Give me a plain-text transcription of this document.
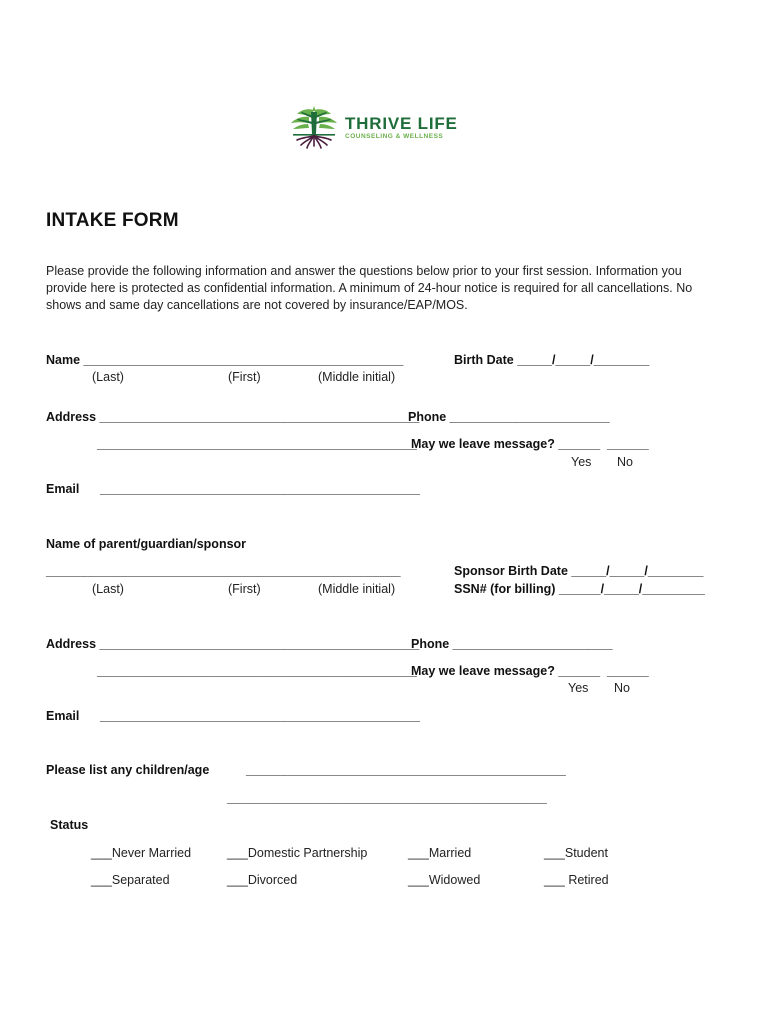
THRIVE LIFE
COUNSELING & WELLNESS
INTAKE FORM
Please provide the following information and answer the questions below prior to your first session. Information you provide here is protected as confidential information. A minimum of 24-hour notice is required for all cancellations. No shows and same day cancellations are not covered by insurance/EAP/MOS.
Name ______________________________________________
(Last)	(First)	(Middle initial)
Birth Date _____/_____/________
Address ______________________________________________
Phone _______________________
______________________________________________
May we leave message? ______  ______
Yes No
Email ______________________________________________
Name of parent/guardian/sponsor
___________________________________________________
(Last)	(First)	(Middle initial)
Sponsor Birth Date _____/_____/________
SSN# (for billing) ______/_____/_________
Address ______________________________________________
Phone _______________________
______________________________________________
May we leave message? ______  ______
Yes No
Email ______________________________________________
Please list any children/age	______________________________________________
______________________________________________
Status
___Never Married	___Domestic Partnership	___Married	___Student
___Separated	___Divorced	___Widowed	___ Retired
